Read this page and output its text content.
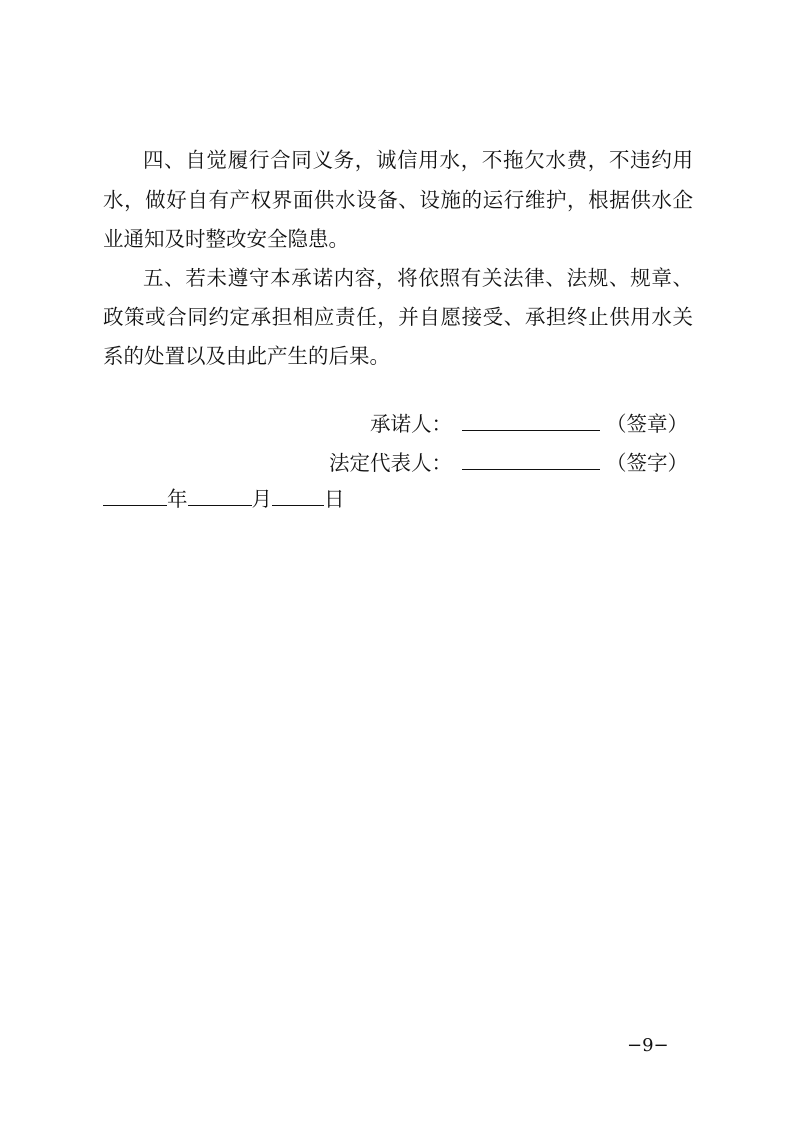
四、自觉履行合同义务，诚信用水，不拖欠水费，不违约用
水，做好自有产权界面供水设备、设施的运行维护，根据供水企
业通知及时整改安全隐患。
五、若未遵守本承诺内容，将依照有关法律、法规、规章、
政策或合同约定承担相应责任，并自愿接受、承担终止供用水关
系的处置以及由此产生的后果。
承诺人：	（签章）
法定代表人：	（签字）
年	月	日
−9−
